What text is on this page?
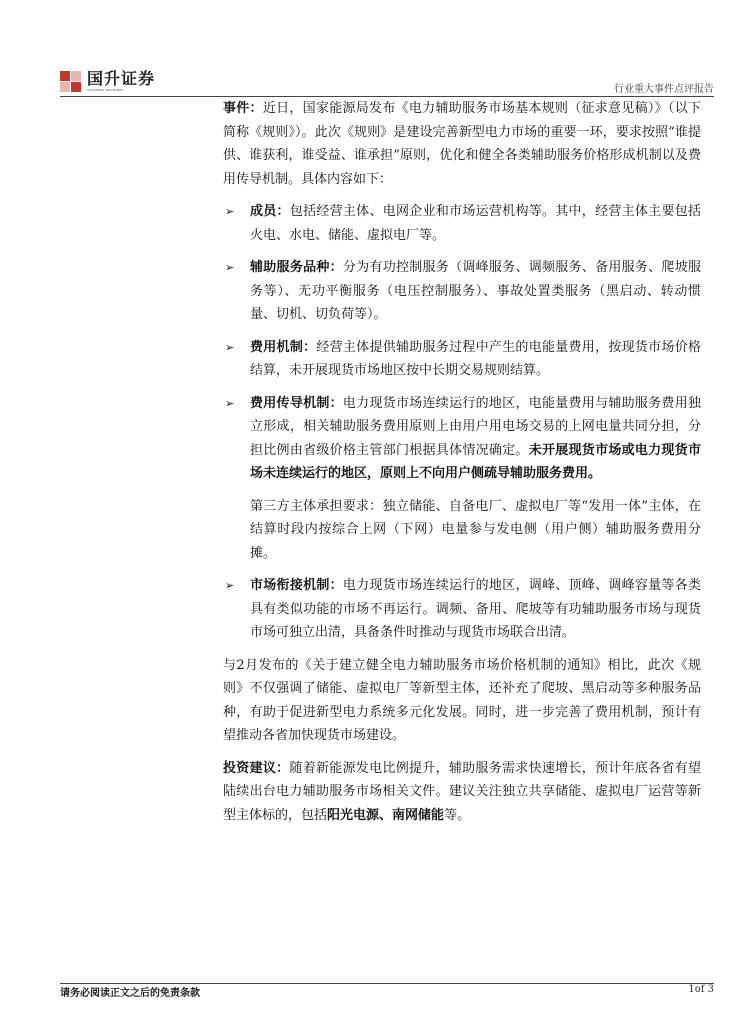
国升证券
GUOSHENG SECURITIES	行业重大事件点评报告

事件：近日，国家能源局发布《电力辅助服务市场基本规则（征求意见稿）》（以下简称《规则》）。此次《规则》是建设完善新型电力市场的重要一环，要求按照“谁提供、谁获利，谁受益、谁承担”原则，优化和健全各类辅助服务价格形成机制以及费用传导机制。具体内容如下：

➢ 成员：包括经营主体、电网企业和市场运营机构等。其中，经营主体主要包括火电、水电、储能、虚拟电厂等。
➢ 辅助服务品种：分为有功控制服务（调峰服务、调频服务、备用服务、爬坡服务等）、无功平衡服务（电压控制服务）、事故处置类服务（黑启动、转动惯量、切机、切负荷等）。
➢ 费用机制：经营主体提供辅助服务过程中产生的电能量费用，按现货市场价格结算，未开展现货市场地区按中长期交易规则结算。
➢ 费用传导机制：电力现货市场连续运行的地区，电能量费用与辅助服务费用独立形成，相关辅助服务费用原则上由用户用电场交易的上网电量共同分担，分担比例由省级价格主管部门根据具体情况确定。未开展现货市场或电力现货市场未连续运行的地区，原则上不向用户侧疏导辅助服务费用。

第三方主体承担要求：独立储能、自备电厂、虚拟电厂等“发用一体”主体，在结算时段内按综合上网（下网）电量参与发电侧（用户侧）辅助服务费用分摊。

➢ 市场衔接机制：电力现货市场连续运行的地区，调峰、顶峰、调峰容量等各类具有类似功能的市场不再运行。调频、备用、爬坡等有功辅助服务市场与现货市场可独立出清，具备条件时推动与现货市场联合出清。

与2月发布的《关于建立健全电力辅助服务市场价格机制的通知》相比，此次《规则》不仅强调了储能、虚拟电厂等新型主体，还补充了爬坡、黑启动等多种服务品种，有助于促进新型电力系统多元化发展。同时，进一步完善了费用机制，预计有望推动各省加快现货市场建设。

投资建议：随着新能源发电比例提升，辅助服务需求快速增长，预计年底各省有望陆续出台电力辅助服务市场相关文件。建议关注独立共享储能、虚拟电厂运营等新型主体标的，包括阳光电源、南网储能等。

请务必阅读正文之后的免责条款	1of 3
